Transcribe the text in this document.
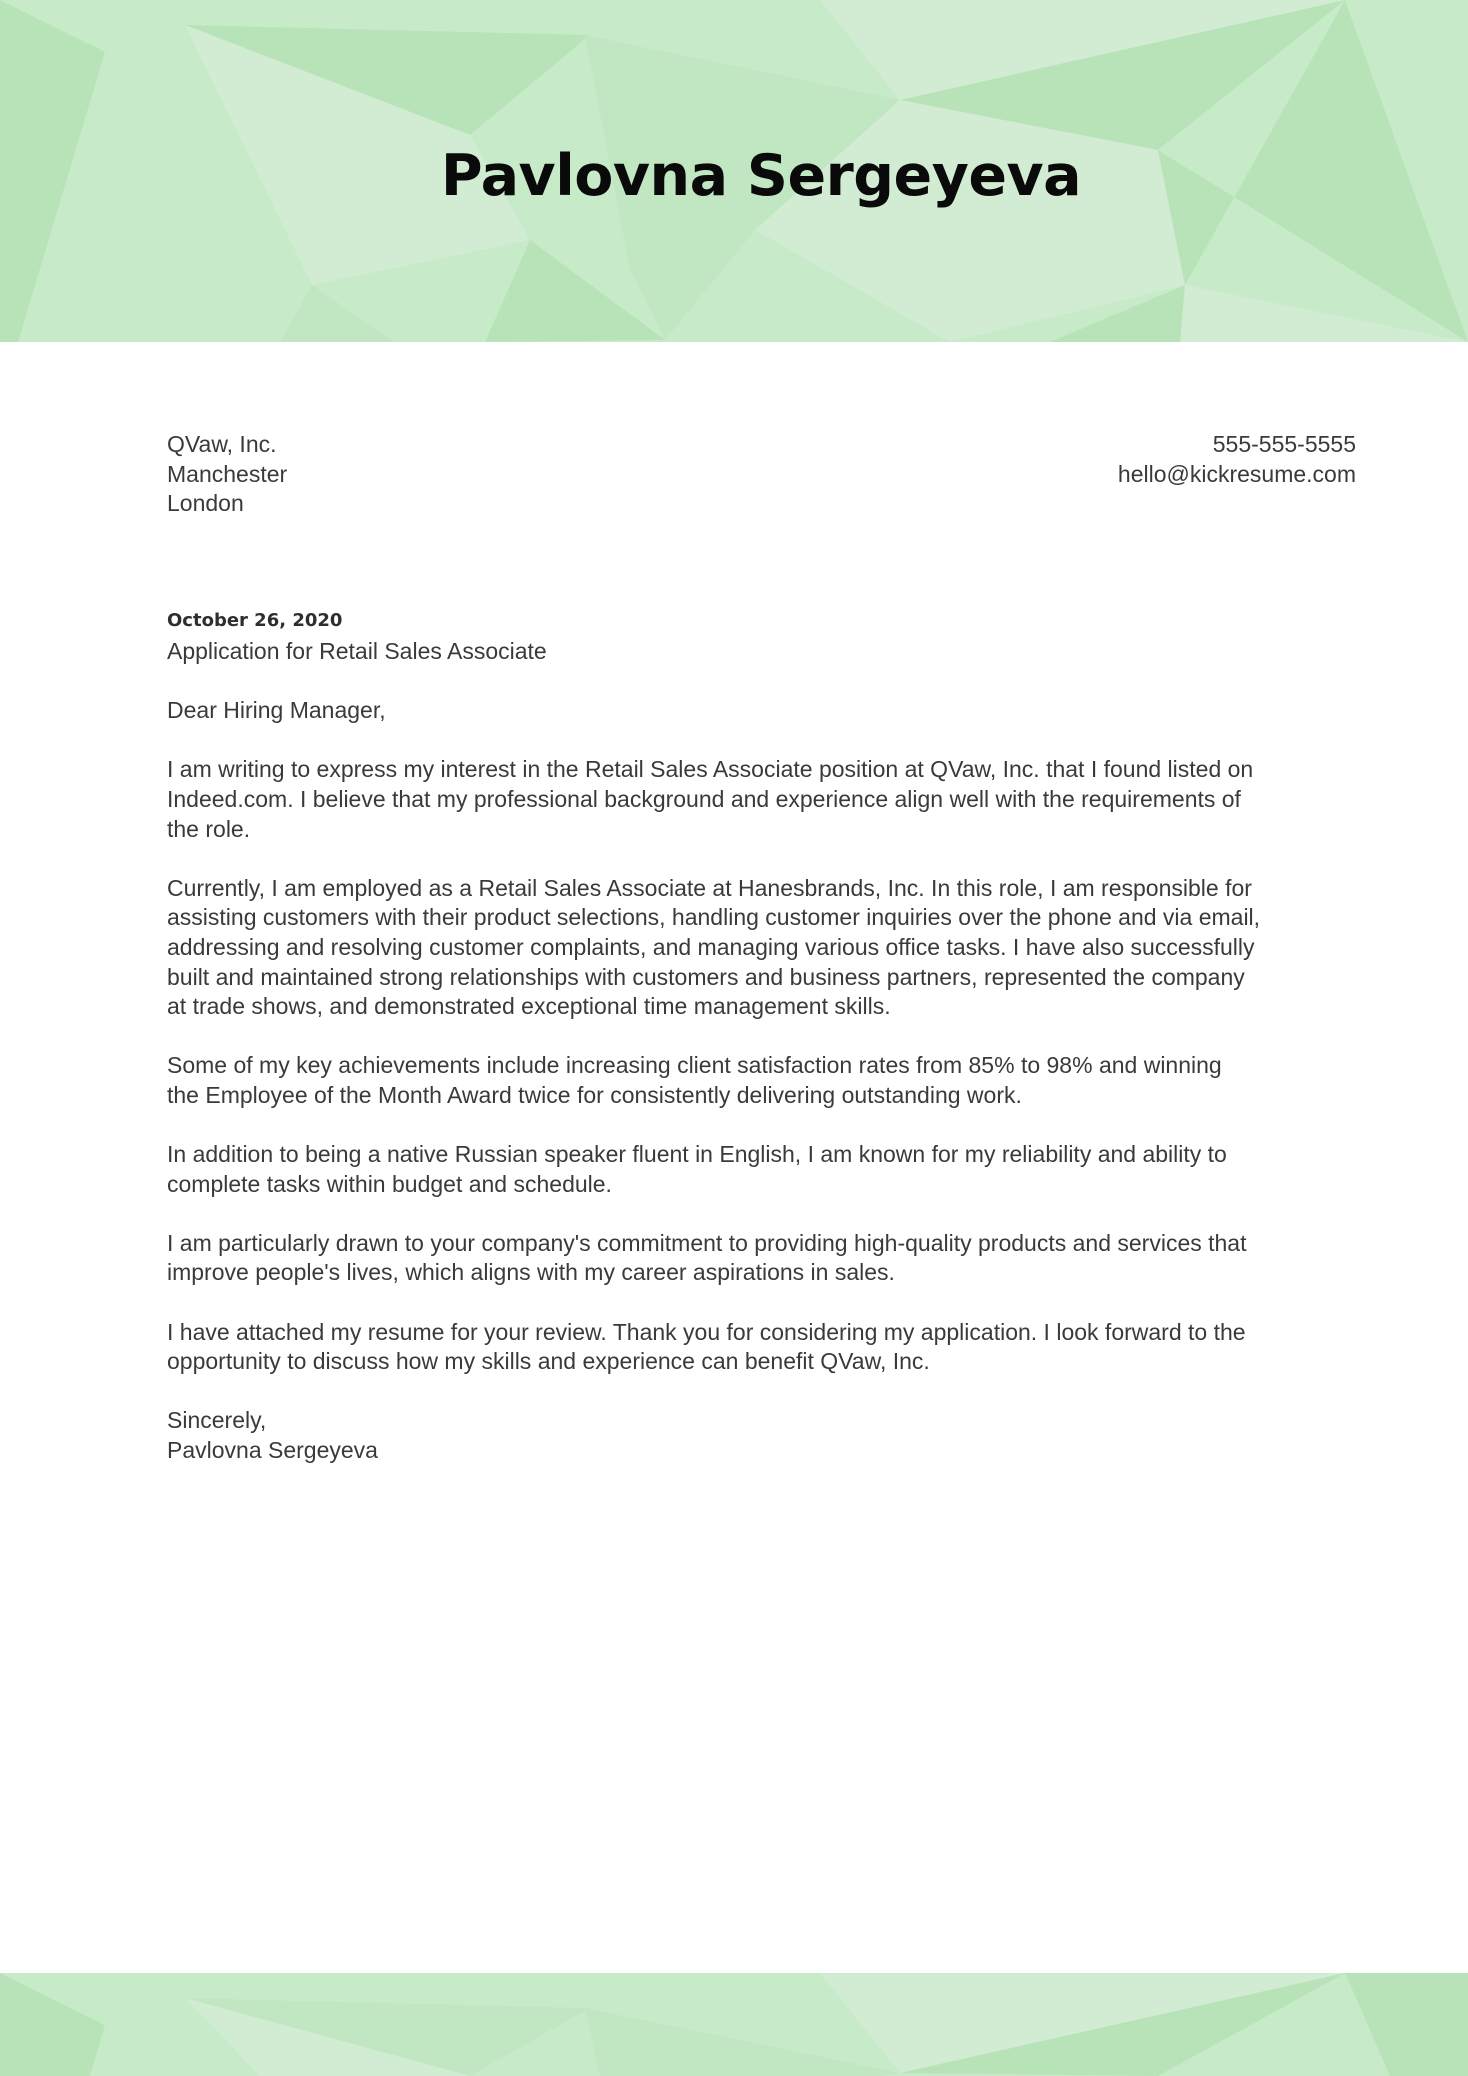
Pavlovna Sergeyeva
QVaw, Inc.
Manchester
London
555-555-5555
hello@kickresume.com
October 26, 2020

Application for Retail Sales Associate

Dear Hiring Manager,

I am writing to express my interest in the Retail Sales Associate position at QVaw, Inc. that I found listed on
Indeed.com. I believe that my professional background and experience align well with the requirements of
the role.

Currently, I am employed as a Retail Sales Associate at Hanesbrands, Inc. In this role, I am responsible for
assisting customers with their product selections, handling customer inquiries over the phone and via email,
addressing and resolving customer complaints, and managing various office tasks. I have also successfully
built and maintained strong relationships with customers and business partners, represented the company
at trade shows, and demonstrated exceptional time management skills.

Some of my key achievements include increasing client satisfaction rates from 85% to 98% and winning
the Employee of the Month Award twice for consistently delivering outstanding work.

In addition to being a native Russian speaker fluent in English, I am known for my reliability and ability to
complete tasks within budget and schedule.

I am particularly drawn to your company's commitment to providing high-quality products and services that
improve people's lives, which aligns with my career aspirations in sales.

I have attached my resume for your review. Thank you for considering my application. I look forward to the
opportunity to discuss how my skills and experience can benefit QVaw, Inc.

Sincerely,
Pavlovna Sergeyeva
